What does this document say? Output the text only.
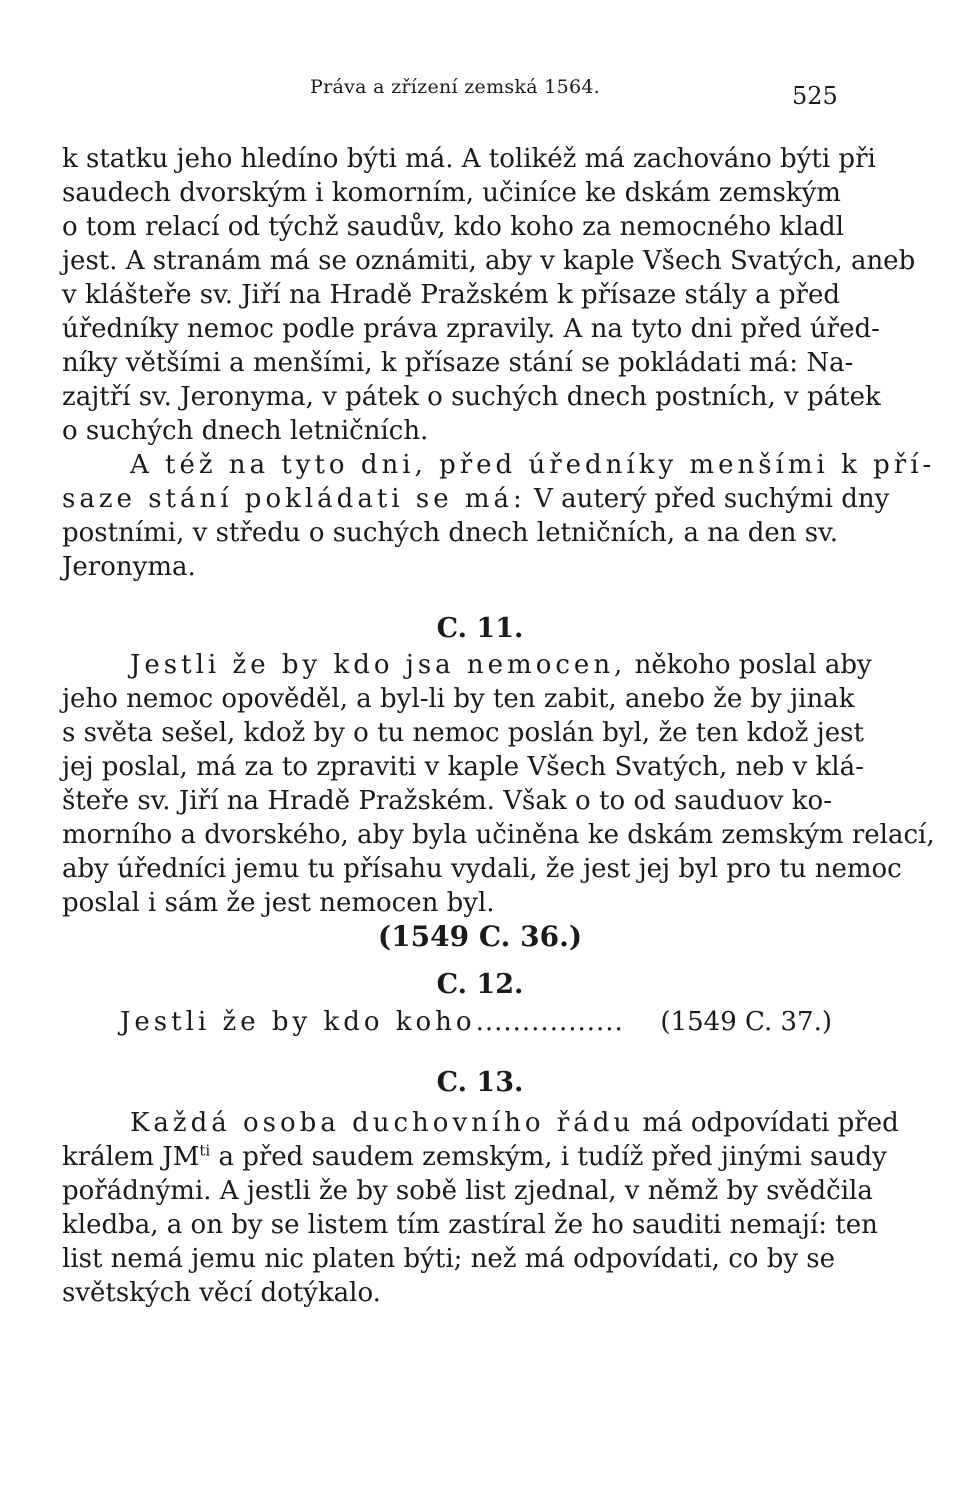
Práva a zřízení zemská 1564.	525
k statku jeho hledíno býti má. A tolikéž má zachováno býti při
saudech dvorským i komorním, učiníce ke dskám zemským
o tom relací od týchž saudův, kdo koho za nemocného kladl
jest. A stranám má se oznámiti, aby v kaple Všech Svatých, aneb
v klášteře sv. Jiří na Hradě Pražském k přísaze stály a před
úředníky nemoc podle práva zpravily. A na tyto dni před úřed-
níky většími a menšími, k přísaze stání se pokládati má: Na-
zajtří sv. Jeronyma, v pátek o suchých dnech postních, v pátek
o suchých dnech letničních.
A též na tyto dni, před úředníky menšími k pří-
saze stání pokládati se má: V auterý před suchými dny
postními, v středu o suchých dnech letničních, a na den sv.
Jeronyma.
C. 11.
Jestli že by kdo jsa nemocen, někoho poslal aby
jeho nemoc opověděl, a byl-li by ten zabit, anebo že by jinak
s světa sešel, kdož by o tu nemoc poslán byl, že ten kdož jest
jej poslal, má za to zpraviti v kaple Všech Svatých, neb v klá-
šteře sv. Jiří na Hradě Pražském. Však o to od sauduov ko-
morního a dvorského, aby byla učiněna ke dskám zemským relací,
aby úředníci jemu tu přísahu vydali, že jest jej byl pro tu nemoc
poslal i sám že jest nemocen byl.
(1549 C. 36.)
C. 12.
Jestli že by kdo koho ................	(1549 C. 37.)
C. 13.
Každá osoba duchovního řádu má odpovídati před
králem $JM^{ti}$ a před saudem zemským, i tudíž před jinými saudy
pořádnými. A jestli že by sobě list zjednal, v němž by svědčila
kledba, a on by se listem tím zastíral že ho sauditi nemají: ten
list nemá jemu nic platen býti; než má odpovídati, co by se
světských věcí dotýkalo.
